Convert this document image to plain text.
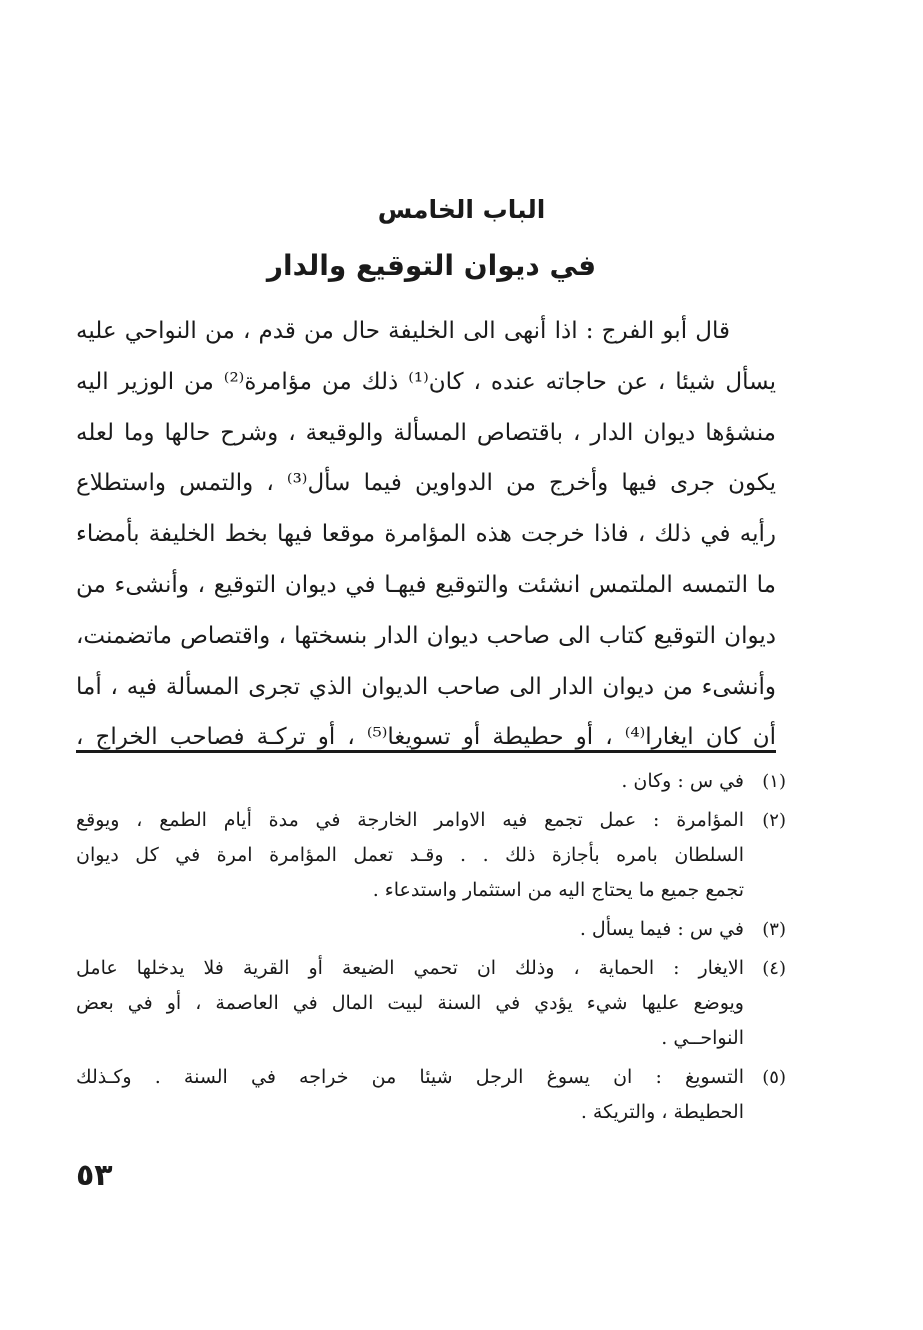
الباب الخامس
في ديوان التوقيع والدار
قال أبو الفرج : اذا أنهى الى الخليفة حال من قدم ، من النواحي عليه
يسأل شيئا ، عن حاجاته عنده ، كان⁽¹⁾ ذلك من مؤامرة⁽²⁾ من الوزير اليه
منشؤها ديوان الدار ، باقتصاص المسألة والوقيعة ، وشرح حالها وما لعله
يكون جرى فيها وأخرج من الدواوين فيما سأل⁽³⁾ ، والتمس واستطلاع
رأيه في ذلك ، فاذا خرجت هذه المؤامرة موقعا فيها بخط الخليفة بأمضاء
ما التمسه الملتمس انشئت والتوقيع فيهـا في ديوان التوقيع ، وأنشىء من
ديوان التوقيع كتاب الى صاحب ديوان الدار بنسختها ، واقتصاص ماتضمنت،
وأنشىء من ديوان الدار الى صاحب الديوان الذي تجرى المسألة فيه ، أما
أن كان ايغارا⁽⁴⁾ ، أو حطيطة أو تسويغا⁽⁵⁾ ، أو تركـة فصاحب الخراج ،
(١)
في س : وكان .
(٢)
المؤامرة : عمل تجمع فيه الاوامر الخارجة في مدة أيام الطمع ، ويوقع
السلطان بامره بأجازة ذلك . . وقـد تعمل المؤامرة امرة في كل ديوان
تجمع جميع ما يحتاج اليه من استثمار واستدعاء .
(٣)
في س : فيما يسأل .
(٤)
الايغار : الحماية ، وذلك ان تحمي الضيعة أو القرية فلا يدخلها عامل
ويوضع عليها شيء يؤدي في السنة لبيت المال في العاصمة ، أو في بعض
النواحــي .
(٥)
التسويغ : ان يسوغ الرجل شيئا من خراجه في السنة . وكـذلك
الحطيطة ، والتريكة .
٥٣
